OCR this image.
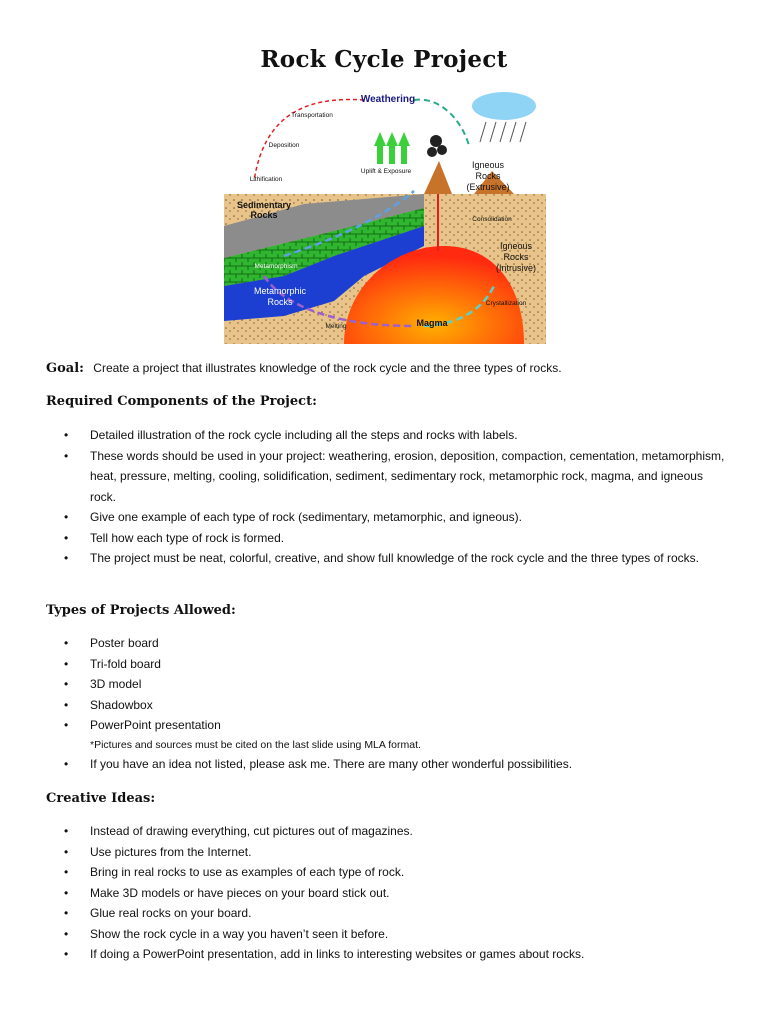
Rock Cycle Project
Weathering
Transportation
Deposition
Lithification
Uplift & Exposure
Igneous
Rocks
(Extrusive)
Sedimentary
Rocks	Consolidation
Igneous
Rocks
(Intrusive)
Metamorphism
Metamorphic
Rocks	Crystallization
Magma
Melting
Goal: Create a project that illustrates knowledge of the rock cycle and the three types of rocks.
Required Components of the Project:
• Detailed illustration of the rock cycle including all the steps and rocks with labels.
• These words should be used in your project: weathering, erosion, deposition, compaction, cementation, metamorphism, heat, pressure, melting, cooling, solidification, sediment, sedimentary rock, metamorphic rock, magma, and igneous rock.
• Give one example of each type of rock (sedimentary, metamorphic, and igneous).
• Tell how each type of rock is formed.
• The project must be neat, colorful, creative, and show full knowledge of the rock cycle and the three types of rocks.
Types of Projects Allowed:
• Poster board
• Tri-fold board
• 3D model
• Shadowbox
• PowerPoint presentation
*Pictures and sources must be cited on the last slide using MLA format.
• If you have an idea not listed, please ask me. There are many other wonderful possibilities.
Creative Ideas:
• Instead of drawing everything, cut pictures out of magazines.
• Use pictures from the Internet.
• Bring in real rocks to use as examples of each type of rock.
• Make 3D models or have pieces on your board stick out.
• Glue real rocks on your board.
• Show the rock cycle in a way you haven’t seen it before.
• If doing a PowerPoint presentation, add in links to interesting websites or games about rocks.
